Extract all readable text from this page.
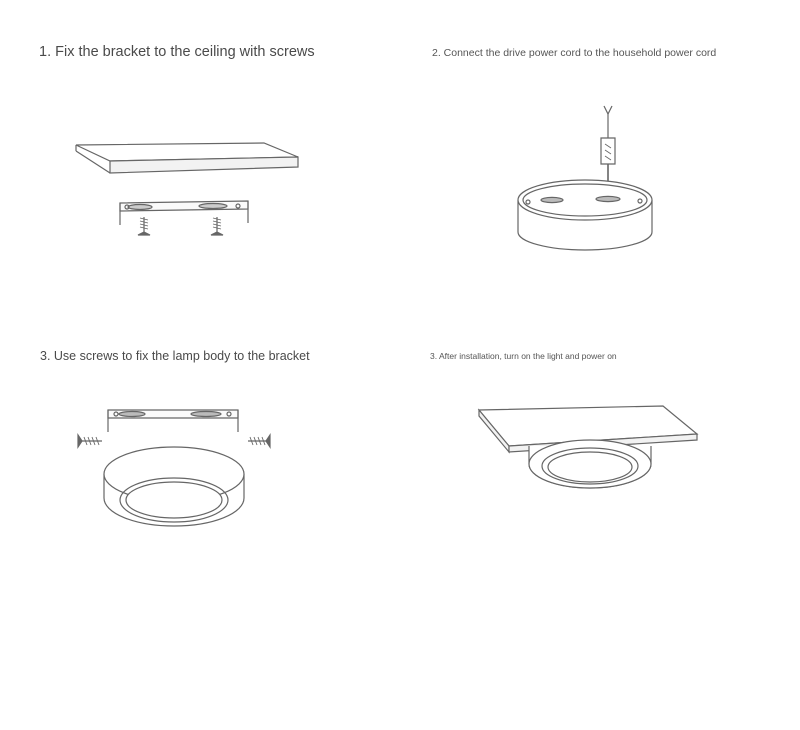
1. Fix the bracket to the ceiling with screws	2. Connect the drive power cord to the household power cord
3. Use screws to fix the lamp body to the bracket	3. After installation, turn on the light and power on
